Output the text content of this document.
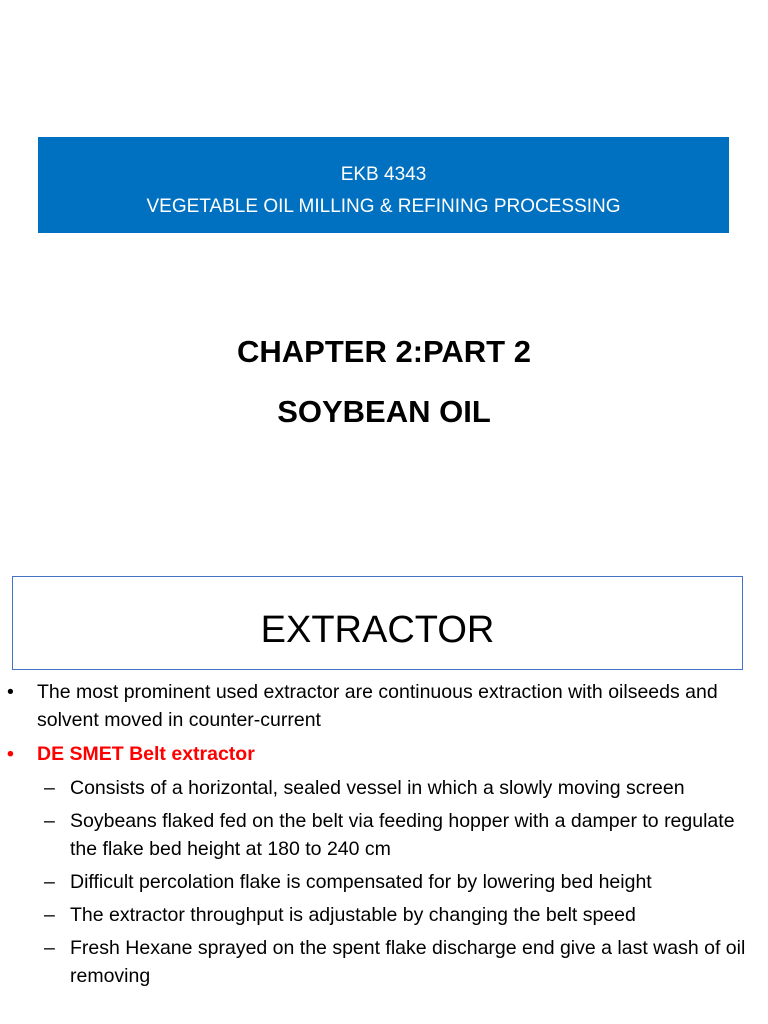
EKB 4343
VEGETABLE OIL MILLING & REFINING PROCESSING
CHAPTER 2:PART 2
SOYBEAN OIL
EXTRACTOR
• The most prominent used extractor are continuous extraction with oilseeds and solvent moved in counter-current
• DE SMET Belt extractor
– Consists of a horizontal, sealed vessel in which a slowly moving screen
– Soybeans flaked fed on the belt via feeding hopper with a damper to regulate the flake bed height at 180 to 240 cm
– Difficult percolation flake is compensated for by lowering bed height
– The extractor throughput is adjustable by changing the belt speed
– Fresh Hexane sprayed on the spent flake discharge end give a last wash of oil removing
